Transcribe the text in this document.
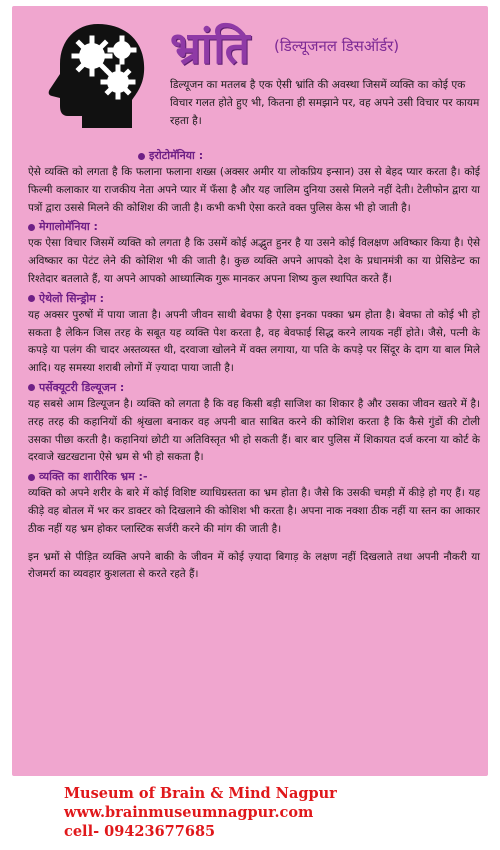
भ्रांति (डिल्यूजनल डिसऑर्डर)
डिल्यूजन का मतलब है एक ऐसी भ्रांति की अवस्था जिसमें व्यक्ति का कोई एक विचार गलत होते हुए भी, कितना ही समझाने पर, वह अपने उसी विचार पर कायम रहता है।
इरोटोमॅनिया :
ऐसे व्यक्ति को लगता है कि फलाना फलाना शख्स (अक्सर अमीर या लोकप्रिय इन्सान) उस से बेहद प्यार करता है। कोई फिल्मी कलाकार या राजकीय नेता अपने प्यार में फँसा है और यह जालिम दुनिया उससे मिलने नहीं देती। टेलीफोन द्वारा या पत्रों द्वारा उससे मिलने की कोशिश की जाती है। कभी कभी ऐसा करते वक्त पुलिस केस भी हो जाती है।
मेगालोमॅनिया :
एक ऐसा विचार जिसमें व्यक्ति को लगता है कि उसमें कोई अद्भुत हुनर है या उसने कोई विलक्षण अविष्कार किया है। ऐसे अविष्कार का पेटंट लेने की कोशिश भी की जाती है। कुछ व्यक्ति अपने आपको देश के प्रधानमंत्री का या प्रेसिडेन्ट का रिश्तेदार बतलाते हैं, या अपने आपको आध्यात्मिक गुरू मानकर अपना शिष्य कुल स्थापित करते हैं।
ऐथेलो सिन्ड्रोम :
यह अक्सर पुरुषों में पाया जाता है। अपनी जीवन साथी बेवफा है ऐसा इनका पक्का भ्रम होता है। बेवफा तो कोई भी हो सकता है लेकिन जिस तरह के सबूत यह व्यक्ति पेश करता है, वह बेवफाई सिद्ध करने लायक नहीं होते। जैसे, पत्नी के कपड़े या पलंग की चादर अस्तव्यस्त थी, दरवाजा खोलने में वक्त लगाया, या पति के कपड़े पर सिंदूर के दाग या बाल मिले आदि। यह समस्या शराबी लोगों में ज़्यादा पाया जाती है।
पर्सेक्यूटरी डिल्यूजन :
यह सबसे आम डिल्यूजन है। व्यक्ति को लगता है कि वह किसी बड़ी साजिश का शिकार है और उसका जीवन खतरे में है। तरह तरह की कहानियों की श्रृंखला बनाकर वह अपनी बात साबित करने की कोशिश करता है कि कैसे गुंडों की टोली उसका पीछा करती है। कहानियां छोटी या अतिविस्तृत भी हो सकती हैं। बार बार पुलिस में शिकायत दर्ज करना या कोर्ट के दरवाजे खटखटाना ऐसे भ्रम से भी हो सकता है।
व्यक्ति का शारीरिक भ्रम :-
व्यक्ति को अपने शरीर के बारे में कोई विशिष्ट व्याधिग्रस्तता का भ्रम होता है। जैसे कि उसकी चमड़ी में कीड़े हो गए हैं। यह कीड़े वह बोतल में भर कर डाक्टर को दिखलाने की कोशिश भी करता है। अपना नाक नक्शा ठीक नहीं या स्तन का आकार ठीक नहीं यह भ्रम होकर प्लास्टिक सर्जरी करने की मांग की जाती है।
इन भ्रमों से पीड़ित व्यक्ति अपने बाकी के जीवन में कोई ज़्यादा बिगाड़ के लक्षण नहीं दिखलाते तथा अपनी नौकरी या रोजमर्रा का व्यवहार कुशलता से करते रहते हैं।
Museum of Brain & Mind Nagpur
www.brainmuseumnagpur.com
cell- 09423677685
